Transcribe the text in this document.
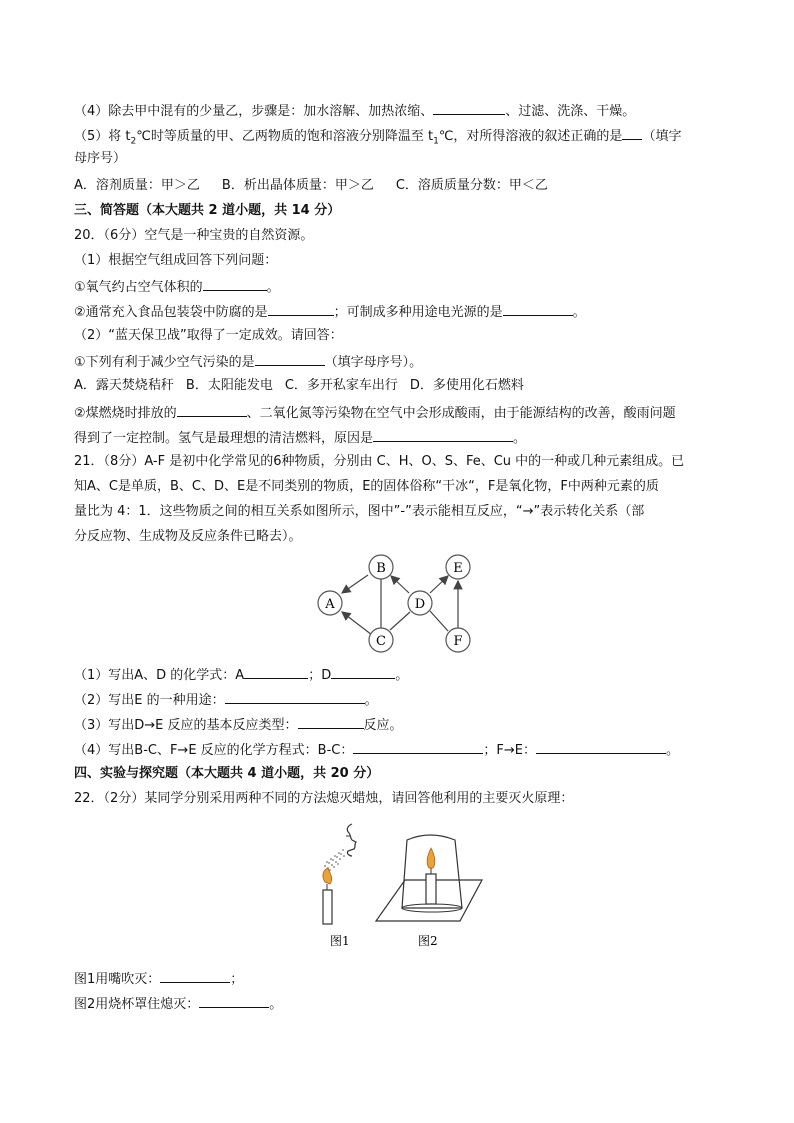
（4）除去甲中混有的少量乙，步骤是：加水溶解、加热浓缩、	、过滤、洗涤、干燥。
（5）将 $t_2℃$时等质量的甲、乙两物质的饱和溶液分别降温至 $t_1℃$，对所得溶液的叙述正确的是 （填字
母序号）
A．溶剂质量：甲＞乙 B．析出晶体质量：甲＞乙 C．溶质质量分数：甲＜乙
三、简答题（本大题共 2 道小题，共 14 分）
20．（6分）空气是一种宝贵的自然资源。
（1）根据空气组成回答下列问题：
①氧气约占空气体积的	。
②通常充入食品包装袋中防腐的是	；可制成多种用途电光源的是	。
（2）“蓝天保卫战”取得了一定成效。请回答：
①下列有利于减少空气污染的是	（填字母序号）。
A．露天焚烧秸秆 B．太阳能发电 C．多开私家车出行 D．多使用化石燃料
②煤燃烧时排放的	、二氧化氮等污染物在空气中会形成酸雨，由于能源结构的改善，酸雨问题
得到了一定控制。氢气是最理想的清洁燃料，原因是	。
21．（8分）A-F 是初中化学常见的6种物质，分别由 C、H、O、S、Fe、Cu 中的一种或几种元素组成。已
知A、C是单质，B、C、D、E是不同类别的物质，E的固体俗称“干冰“，F是氧化物，F中两种元素的质
量比为 4：1．这些物质之间的相互关系如图所示，图中”-”表示能相互反应，“→”表示转化关系（部
分反应物、生成物及反应条件已略去）。
A
B
C
D
E
F
（1）写出A、D 的化学式：A	；D	。
（2）写出E 的一种用途：	。
（3）写出D→E 反应的基本反应类型：	反应。
（4）写出B-C、F→E 反应的化学方程式：B-C：	；F→E：	。
四、实验与探究题（本大题共 4 道小题，共 20 分）
22．（2分）某同学分别采用两种不同的方法熄灭蜡烛，请回答他利用的主要灭火原理：
图1	图2
图1用嘴吹灭：	；
图2用烧杯罩住熄灭：	。
